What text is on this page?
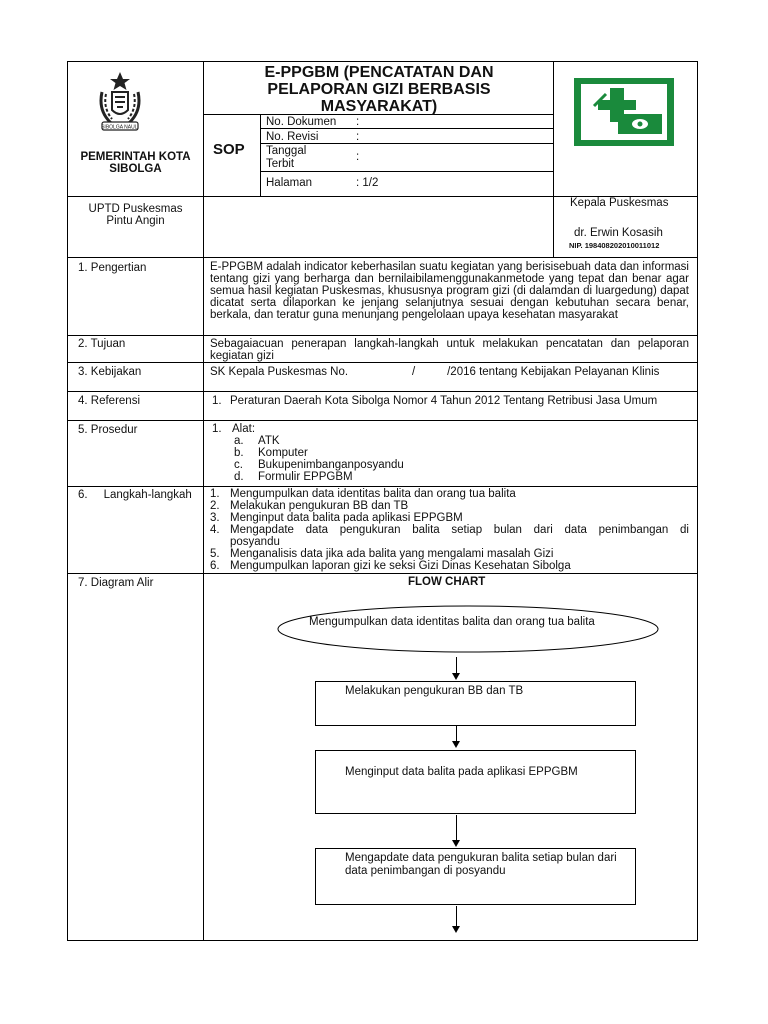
SIBOLGA NAULI
PEMERINTAH KOTA
SIBOLGA
E-PPGBM (PENCATATAN DAN
PELAPORAN GIZI BERBASIS
MASYARAKAT)
SOP
No. Dokumen :
No. Revisi	:
Tanggal
Terbit
:
Halaman	: 1/2
UPTD Puskesmas
Pintu Angin
Kepala Puskesmas
dr. Erwin Kosasih
NIP. 198408202010011012
1. Pengertian	E-PPGBM adalah indicator keberhasilan suatu kegiatan yang berisisebuah data dan informasi tentang gizi yang berharga dan bernilaibilamenggunakanmetode yang tepat dan benar agar semua hasil kegiatan Puskesmas, khususnya program gizi (di dalamdan di luargedung) dapat dicatat serta dilaporkan ke jenjang selanjutnya sesuai dengan kebutuhan secara benar, berkala, dan teratur guna menunjang pengelolaan upaya kesehatan masyarakat
2. Tujuan	Sebagaiacuan penerapan langkah-langkah untuk melakukan pencatatan dan pelaporan kegiatan gizi
3. Kebijakan	SK Kepala Puskesmas No.                    /          /2016 tentang Kebijakan Pelayanan Klinis
4. Referensi	1. Peraturan Daerah Kota Sibolga Nomor 4 Tahun 2012 Tentang Retribusi Jasa Umum
5. Prosedur	1. Alat:
a. ATK
b. Komputer
c. Bukupenimbanganposyandu
d. Formulir EPPGBM
6.     Langkah-langkah 1. Mengumpulkan data identitas balita dan orang tua balita
2. Melakukan pengukuran BB dan TB
3. Menginput data balita pada aplikasi EPPGBM
4. Mengapdate data pengukuran balita setiap bulan dari data penimbangan di
posyandu
5. Menganalisis data jika ada balita yang mengalami masalah Gizi
6. Mengumpulkan laporan gizi ke seksi Gizi Dinas Kesehatan Sibolga
7. Diagram Alir	FLOW CHART
Mengumpulkan data identitas balita dan orang tua balita
Melakukan pengukuran BB dan TB
Menginput data balita pada aplikasi EPPGBM
Mengapdate data pengukuran balita setiap bulan dari data penimbangan di posyandu
